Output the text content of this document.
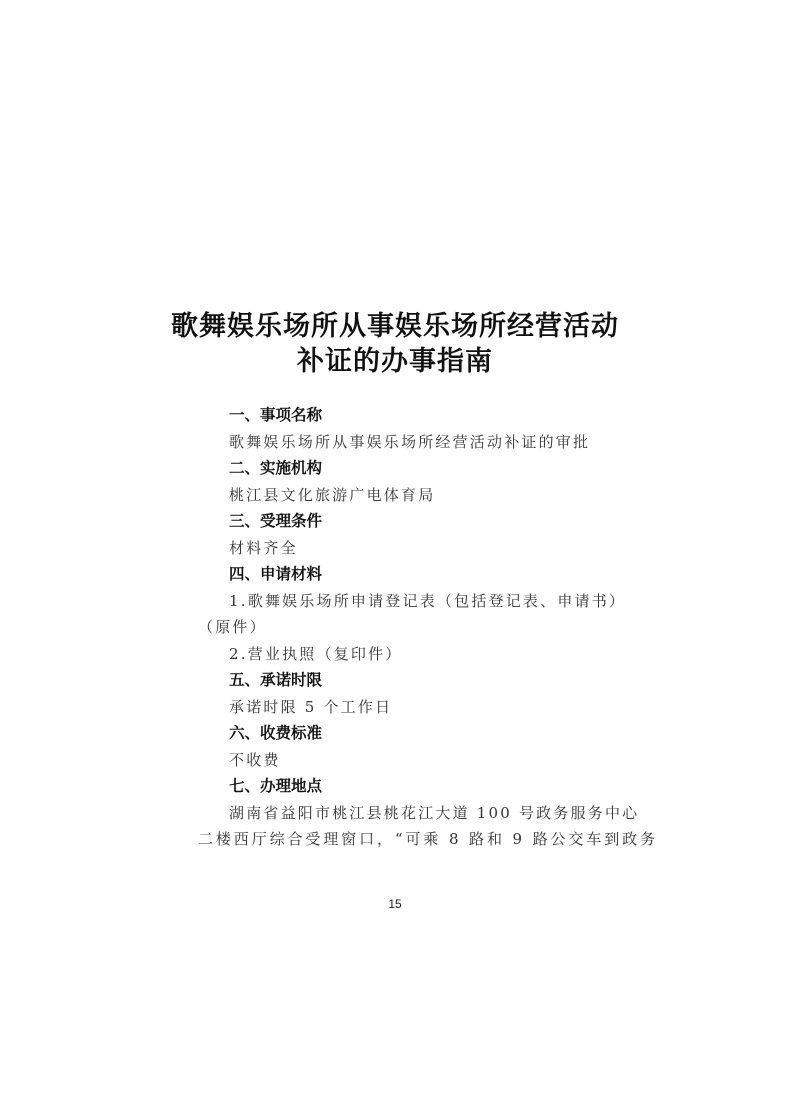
歌舞娱乐场所从事娱乐场所经营活动
补证的办事指南
一、事项名称
歌舞娱乐场所从事娱乐场所经营活动补证的审批
二、实施机构
桃江县文化旅游广电体育局
三、受理条件
材料齐全
四、申请材料
1.歌舞娱乐场所申请登记表（包括登记表、申请书）
（原件）
2.营业执照（复印件）
五、承诺时限
承诺时限 5 个工作日
六、收费标准
不收费
七、办理地点
湖南省益阳市桃江县桃花江大道 100 号政务服务中心
二楼西厅综合受理窗口，“可乘 8 路和 9 路公交车到政务
15
